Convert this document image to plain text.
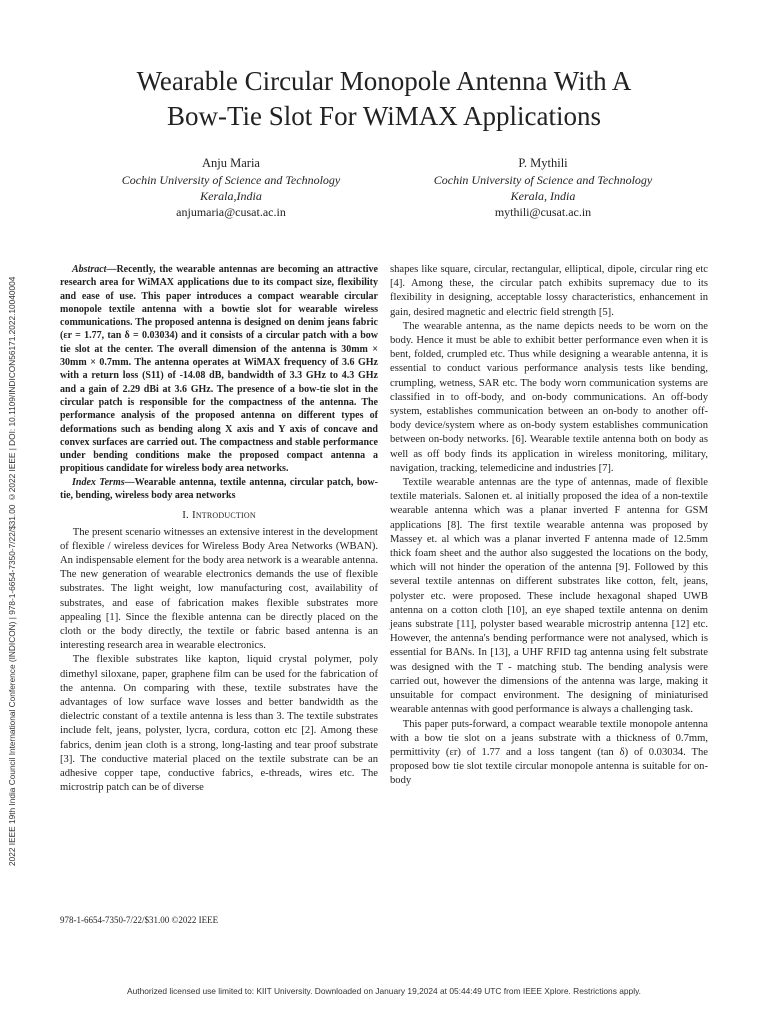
2022 IEEE 19th India Council International Conference (INDICON) | 978-1-6654-7350-7/22/$31.00 ©2022 IEEE | DOI: 10.1109/INDICON56171.2022.10040004
Wearable Circular Monopole Antenna With A
Bow-Tie Slot For WiMAX Applications
Anju Maria
Cochin University of Science and Technology
Kerala,India
anjumaria@cusat.ac.in
P. Mythili
Cochin University of Science and Technology
Kerala, India
mythili@cusat.ac.in

Abstract—Recently, the wearable antennas are becoming an attractive research area for WiMAX applications due to its compact size, flexibility and ease of use. This paper introduces a compact wearable circular monopole textile antenna with a bowtie slot for wearable wireless communications. The proposed antenna is designed on denim jeans fabric (εr = 1.77, tan δ = 0.03034) and it consists of a circular patch with a bow tie slot at the center. The overall dimension of the antenna is 30mm × 30mm × 0.7mm. The antenna operates at WiMAX frequency of 3.6 GHz with a return loss (S11) of -14.08 dB, bandwidth of 3.3 GHz to 4.3 GHz and a gain of 2.29 dBi at 3.6 GHz. The presence of a bow-tie slot in the circular patch is responsible for the compactness of the antenna. The performance analysis of the proposed antenna on different types of deformations such as bending along X axis and Y axis of concave and convex surfaces are carried out. The compactness and stable performance under bending conditions make the proposed compact antenna a propitious candidate for wireless body area networks.

Index Terms—Wearable antenna, textile antenna, circular patch, bow-tie, bending, wireless body area networks

I. Introduction

The present scenario witnesses an extensive interest in the development of flexible / wireless devices for Wireless Body Area Networks (WBAN). An indispensable element for the body area network is a wearable antenna. The new generation of wearable electronics demands the use of flexible substrates. The light weight, low manufacturing cost, availability of substrates, and ease of fabrication makes flexible substrates more appealing [1]. Since the flexible antenna can be directly placed on the cloth or the body directly, the textile or fabric based antenna is an interesting research area in wearable electronics.

The flexible substrates like kapton, liquid crystal polymer, poly dimethyl siloxane, paper, graphene film can be used for the fabrication of the antenna. On comparing with these, textile substrates have the advantages of low surface wave losses and better bandwidth as the dielectric constant of a textile antenna is less than 3. The textile substrates include felt, jeans, polyster, lycra, cordura, cotton etc [2]. Among these fabrics, denim jean cloth is a strong, long-lasting and tear proof substrate [3]. The conductive material placed on the textile substrate can be an adhesive copper tape, conductive fabrics, e-threads, wires etc. The microstrip patch can be of diverse

978-1-6654-7350-7/22/$31.00 ©2022 IEEE

shapes like square, circular, rectangular, elliptical, dipole, circular ring etc [4]. Among these, the circular patch exhibits supremacy due to its flexibility in designing, acceptable lossy characteristics, enhancement in gain, desired magnetic and electric field strength [5].

The wearable antenna, as the name depicts needs to be worn on the body. Hence it must be able to exhibit better performance even when it is bent, folded, crumpled etc. Thus while designing a wearable antenna, it is essential to conduct various performance analysis tests like bending, crumpling, wetness, SAR etc. The body worn communication systems are classified in to off-body, and on-body communications. An off-body system, establishes communication between an on-body to another off-body device/system where as on-body system establishes communication between on-body networks. [6]. Wearable textile antenna both on body as well as off body finds its application in wireless monitoring, military, navigation, tracking, telemedicine and industries [7].

Textile wearable antennas are the type of antennas, made of flexible textile materials. Salonen et. al initially proposed the idea of a non-textile wearable antenna which was a planar inverted F antenna for GSM applications [8]. The first textile wearable antenna was proposed by Massey et. al which was a planar inverted F antenna made of 12.5mm thick foam sheet and the author also suggested the locations on the body, which will not hinder the operation of the antenna [9]. Followed by this several textile antennas on different substrates like cotton, felt, jeans, polyster etc. were proposed. These include hexagonal shaped UWB antenna on a cotton cloth [10], an eye shaped textile antenna on denim jeans substrate [11], polyster based wearable microstrip antenna [12] etc. However, the antenna's bending performance were not analysed, which is essential for BANs. In [13], a UHF RFID tag antenna using felt substrate was designed with the T - matching stub. The bending analysis were carried out, however the dimensions of the antenna was large, making it unsuitable for compact environment. The designing of miniaturised wearable antennas with good performance is always a challenging task.

This paper puts-forward, a compact wearable textile monopole antenna with a bow tie slot on a jeans substrate with a thickness of 0.7mm, permittivity (εr) of 1.77 and a loss tangent (tan δ) of 0.03034. The proposed bow tie slot textile circular monopole antenna is suitable for on-body

Authorized licensed use limited to: KIIT University. Downloaded on January 19,2024 at 05:44:49 UTC from IEEE Xplore. Restrictions apply.
